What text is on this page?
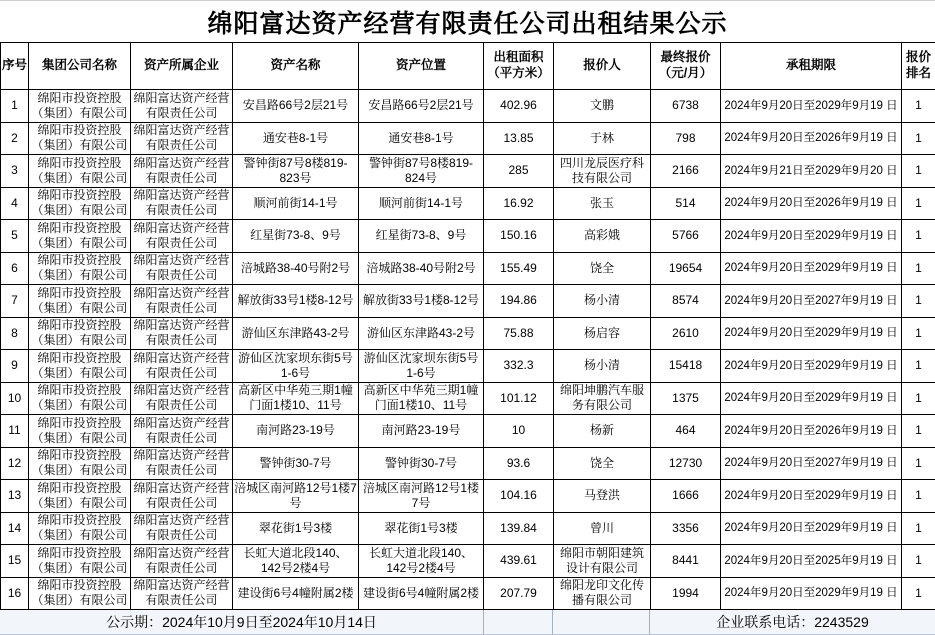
绵阳富达资产经营有限责任公司出租结果公示
序号	集团公司名称	资产所属企业	资产名称	资产位置	出租面积（平方米）	报价人	最终报价（元/月）	承租期限	报价排名
1	绵阳市投资控股（集团）有限公司	绵阳富达资产经营有限责任公司	安昌路66号2层21号	安昌路66号2层21号	402.96	文鹏	6738	2024年9月20日至2029年9月19 日	1
2	绵阳市投资控股（集团）有限公司	绵阳富达资产经营有限责任公司	通安巷8-1号	通安巷8-1号	13.85	于林	798	2024年9月20日至2026年9月19 日	1
3	绵阳市投资控股（集团）有限公司	绵阳富达资产经营有限责任公司	警钟街87号8楼819-823号	警钟街87号8楼819-824号	285	四川龙辰医疗科技有限公司	2166	2024年9月21日至2029年9月20 日	1
4	绵阳市投资控股（集团）有限公司	绵阳富达资产经营有限责任公司	顺河前街14-1号	顺河前街14-1号	16.92	张玉	514	2024年9月20日至2026年9月19 日	1
5	绵阳市投资控股（集团）有限公司	绵阳富达资产经营有限责任公司	红星街73-8、9号	红星街73-8、9号	150.16	高彩娥	5766	2024年9月20日至2029年9月19 日	1
6	绵阳市投资控股（集团）有限公司	绵阳富达资产经营有限责任公司	涪城路38-40号附2号	涪城路38-40号附2号	155.49	饶全	19654	2024年9月20日至2029年9月19 日	1
7	绵阳市投资控股（集团）有限公司	绵阳富达资产经营有限责任公司	解放街33号1楼8-12号	解放街33号1楼8-12号	194.86	杨小清	8574	2024年9月20日至2027年9月19 日	1
8	绵阳市投资控股（集团）有限公司	绵阳富达资产经营有限责任公司	游仙区东津路43-2号	游仙区东津路43-2号	75.88	杨启容	2610	2024年9月20日至2029年9月19 日	1
9	绵阳市投资控股（集团）有限公司	绵阳富达资产经营有限责任公司	游仙区沈家坝东街5号1-6号	游仙区沈家坝东街5号1-6号	332.3	杨小清	15418	2024年9月20日至2029年9月19 日	1
10	绵阳市投资控股（集团）有限公司	绵阳富达资产经营有限责任公司	高新区中华苑三期1幢门面1楼10、11号	高新区中华苑三期1幢门面1楼10、11号	101.12	绵阳坤鹏汽车服务有限公司	1375	2024年9月20日至2029年9月19 日	1
11	绵阳市投资控股（集团）有限公司	绵阳富达资产经营有限责任公司	南河路23-19号	南河路23-19号	10	杨新	464	2024年9月20日至2026年9月19 日	1
12	绵阳市投资控股（集团）有限公司	绵阳富达资产经营有限责任公司	警钟街30-7号	警钟街30-7号	93.6	饶全	12730	2024年9月20日至2027年9月19 日	1
13	绵阳市投资控股（集团）有限公司	绵阳富达资产经营有限责任公司	涪城区南河路12号1楼7号	涪城区南河路12号1楼7号	104.16	马登洪	1666	2024年9月20日至2029年9月19 日	1
14	绵阳市投资控股（集团）有限公司	绵阳富达资产经营有限责任公司	翠花街1号3楼	翠花街1号3楼	139.84	曾川	3356	2024年9月20日至2029年9月19 日	1
15	绵阳市投资控股（集团）有限公司	绵阳富达资产经营有限责任公司	长虹大道北段140、142号2楼4号	长虹大道北段140、142号2楼4号	439.61	绵阳市朝阳建筑设计有限公司	8441	2024年9月20日至2025年9月19 日	1
16	绵阳市投资控股（集团）有限公司	绵阳富达资产经营有限责任公司	建设街6号4幢附属2楼	建设街6号4幢附属2楼	207.79	绵阳龙印文化传播有限公司	1994	2024年9月20日至2029年9月19 日	1
公示期：2024年10月9日至2024年10月14日	企业联系电话：2243529
